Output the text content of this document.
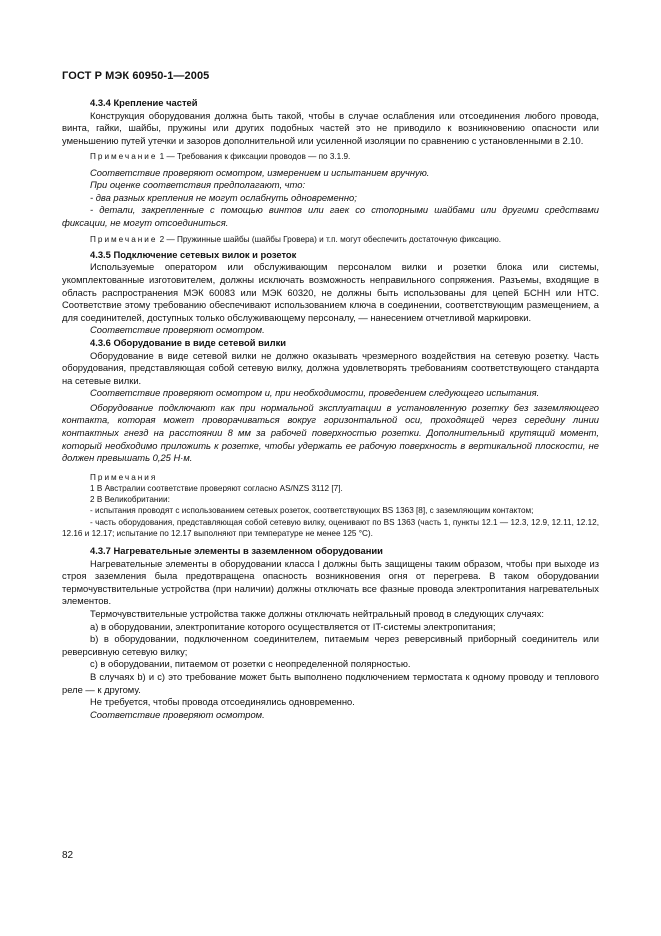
ГОСТ Р МЭК 60950-1—2005

4.3.4 Крепление частей

Конструкция оборудования должна быть такой, чтобы в случае ослабления или отсоединения любого провода, винта, гайки, шайбы, пружины или других подобных частей это не приводило к возникновению опасности или уменьшению путей утечки и зазоров дополнительной или усиленной изоляции по сравнению с установленными в 2.10.

Примечание 1 — Требования к фиксации проводов — по 3.1.9.

Соответствие проверяют осмотром, измерением и испытанием вручную.

При оценке соответствия предполагают, что:

- два разных крепления не могут ослабнуть одновременно;

- детали, закрепленные с помощью винтов или гаек со стопорными шайбами или другими средствами фиксации, не могут отсоединиться.

Примечание 2 — Пружинные шайбы (шайбы Гровера) и т.п. могут обеспечить достаточную фиксацию.

4.3.5 Подключение сетевых вилок и розеток

Используемые оператором или обслуживающим персоналом вилки и розетки блока или системы, укомплектованные изготовителем, должны исключать возможность неправильного сопряжения. Разъемы, входящие в область распространения МЭК 60083 или МЭК 60320, не должны быть использованы для цепей БСНН или НТС. Соответствие этому требованию обеспечивают использованием ключа в соединении, соответствующим размещением, а для соединителей, доступных только обслуживающему персоналу, — нанесением отчетливой маркировки.

Соответствие проверяют осмотром.

4.3.6 Оборудование в виде сетевой вилки

Оборудование в виде сетевой вилки не должно оказывать чрезмерного воздействия на сетевую розетку. Часть оборудования, представляющая собой сетевую вилку, должна удовлетворять требованиям соответствующего стандарта на сетевые вилки.

Соответствие проверяют осмотром и, при необходимости, проведением следующего испытания.

Оборудование подключают как при нормальной эксплуатации в установленную розетку без заземляющего контакта, которая может проворачиваться вокруг горизонтальной оси, проходящей через середину линии контактных гнезд на расстоянии 8 мм за рабочей поверхностью розетки. Дополнительный крутящий момент, который необходимо приложить к розетке, чтобы удержать ее рабочую поверхность в вертикальной плоскости, не должен превышать 0,25 Н·м.

Примечания

1 В Австралии соответствие проверяют согласно AS/NZS 3112 [7].

2 В Великобритании:

- испытания проводят с использованием сетевых розеток, соответствующих BS 1363 [8], с заземляющим контактом;

- часть оборудования, представляющая собой сетевую вилку, оценивают по BS 1363 (часть 1, пункты 12.1 — 12.3, 12.9, 12.11, 12.12, 12.16 и 12.17; испытание по 12.17 выполняют при температуре не менее 125 °С).

4.3.7 Нагревательные элементы в заземленном оборудовании

Нагревательные элементы в оборудовании класса I должны быть защищены таким образом, чтобы при выходе из строя заземления была предотвращена опасность возникновения огня от перегрева. В таком оборудовании термочувствительные устройства (при наличии) должны отключать все фазные провода электропитания нагревательных элементов.

Термочувствительные устройства также должны отключать нейтральный провод в следующих случаях:

а) в оборудовании, электропитание которого осуществляется от IT-системы электропитания;

b) в оборудовании, подключенном соединителем, питаемым через реверсивный приборный соединитель или реверсивную сетевую вилку;

с) в оборудовании, питаемом от розетки с неопределенной полярностью.

В случаях b) и с) это требование может быть выполнено подключением термостата к одному проводу и теплового реле — к другому.

Не требуется, чтобы провода отсоединялись одновременно.

Соответствие проверяют осмотром.

82
